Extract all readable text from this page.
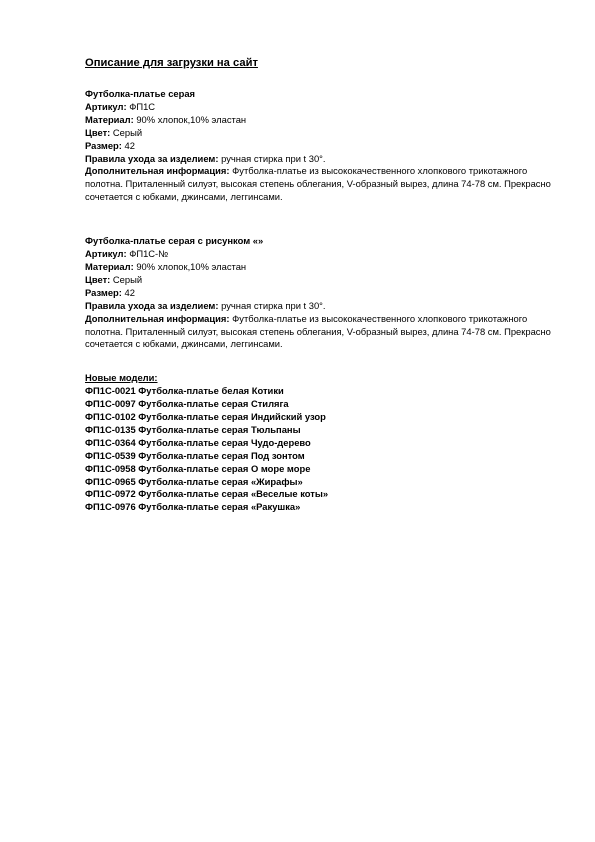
Описание для загрузки на сайт
Футболка-платье серая
Артикул: ФП1С
Материал: 90% хлопок,10% эластан
Цвет: Серый
Размер: 42
Правила ухода за изделием: ручная стирка при t 30°.
Дополнительная информация: Футболка-платье из высококачественного хлопкового трикотажного полотна. Приталенный силуэт, высокая степень облегания, V-образный вырез, длина 74-78 см. Прекрасно сочетается с юбками, джинсами, леггинсами.
Футболка-платье серая с рисунком «»
Артикул: ФП1С-№
Материал: 90% хлопок,10% эластан
Цвет: Серый
Размер: 42
Правила ухода за изделием: ручная стирка при t 30°.
Дополнительная информация: Футболка-платье из высококачественного хлопкового трикотажного полотна. Приталенный силуэт, высокая степень облегания, V-образный вырез, длина 74-78 см. Прекрасно сочетается с юбками, джинсами, леггинсами.
Новые модели:
ФП1С-0021 Футболка-платье белая Котики
ФП1С-0097 Футболка-платье серая Стиляга
ФП1С-0102 Футболка-платье серая Индийский узор
ФП1С-0135 Футболка-платье серая Тюльпаны
ФП1С-0364 Футболка-платье серая Чудо-дерево
ФП1С-0539 Футболка-платье серая Под зонтом
ФП1С-0958 Футболка-платье серая О море море
ФП1С-0965 Футболка-платье серая «Жирафы»
ФП1С-0972 Футболка-платье серая «Веселые коты»
ФП1С-0976 Футболка-платье серая «Ракушка»
